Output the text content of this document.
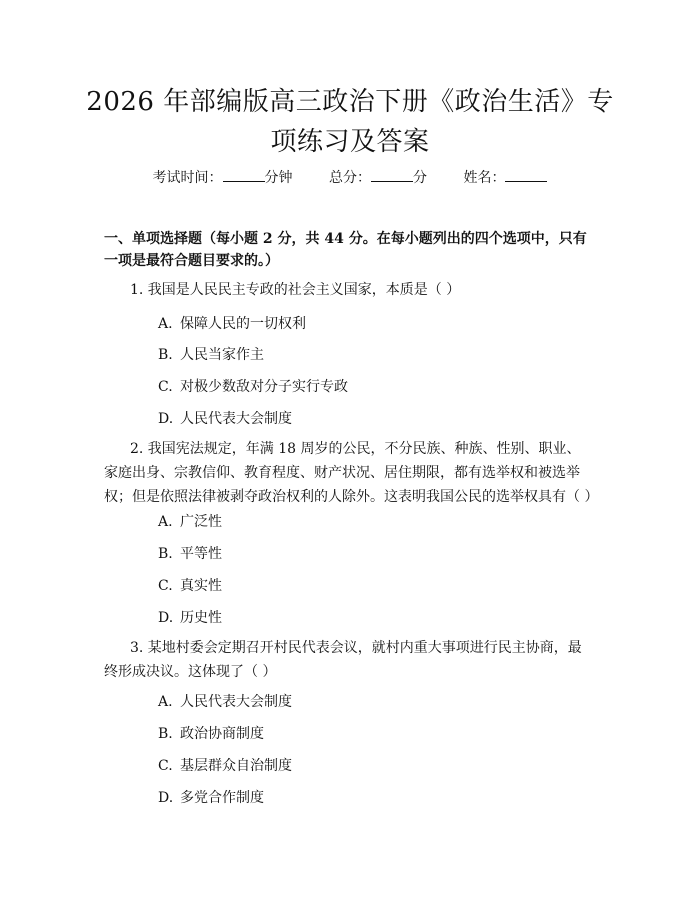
2026 年部编版高三政治下册《政治生活》专
项练习及答案
考试时间：	分钟	总分：	分	姓名：
一、单项选择题（每小题 2 分，共 44 分。在每小题列出的四个选项中，只有一项是最符合题目要求的。）
1. 我国是人民民主专政的社会主义国家，本质是（ ）
A. 保障人民的一切权利
B. 人民当家作主
C. 对极少数敌对分子实行专政
D. 人民代表大会制度
2. 我国宪法规定，年满 18 周岁的公民，不分民族、种族、性别、职业、家庭出身、宗教信仰、教育程度、财产状况、居住期限，都有选举权和被选举权；但是依照法律被剥夺政治权利的人除外。这表明我国公民的选举权具有（ ）
A. 广泛性
B. 平等性
C. 真实性
D. 历史性
3. 某地村委会定期召开村民代表会议，就村内重大事项进行民主协商，最终形成决议。这体现了（ ）
A. 人民代表大会制度
B. 政治协商制度
C. 基层群众自治制度
D. 多党合作制度
